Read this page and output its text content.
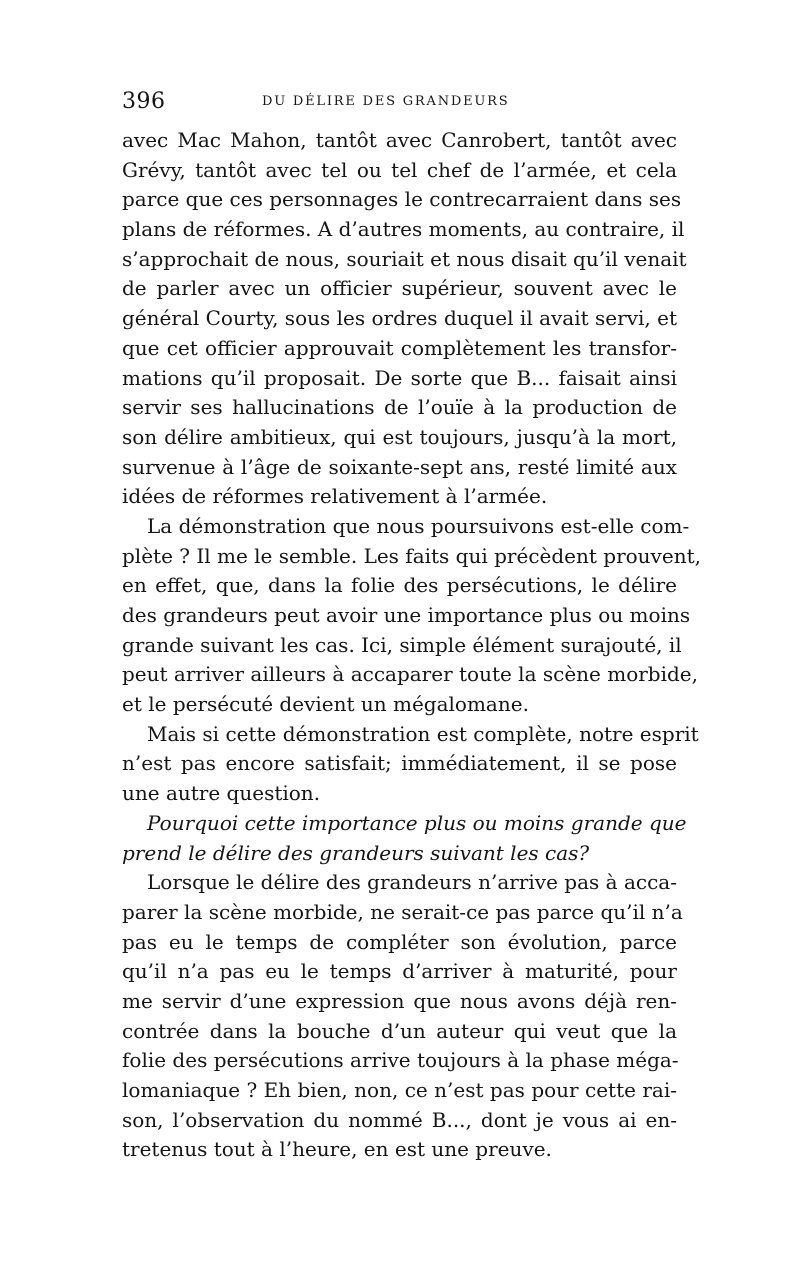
396	DU DÉLIRE DES GRANDEURS
avec Mac Mahon, tantôt avec Canrobert, tantôt avec
Grévy, tantôt avec tel ou tel chef de l’armée, et cela
parce que ces personnages le contrecarraient dans ses
plans de réformes. A d’autres moments, au contraire, il
s’approchait de nous, souriait et nous disait qu’il venait
de parler avec un officier supérieur, souvent avec le
général Courty, sous les ordres duquel il avait servi, et
que cet officier approuvait complètement les transfor-
mations qu’il proposait. De sorte que B... faisait ainsi
servir ses hallucinations de l’ouïe à la production de
son délire ambitieux, qui est toujours, jusqu’à la mort,
survenue à l’âge de soixante-sept ans, resté limité aux
idées de réformes relativement à l’armée.
La démonstration que nous poursuivons est-elle com-
plète ? Il me le semble. Les faits qui précèdent prouvent,
en effet, que, dans la folie des persécutions, le délire
des grandeurs peut avoir une importance plus ou moins
grande suivant les cas. Ici, simple élément surajouté, il
peut arriver ailleurs à accaparer toute la scène morbide,
et le persécuté devient un mégalomane.
Mais si cette démonstration est complète, notre esprit
n’est pas encore satisfait; immédiatement, il se pose
une autre question.
Pourquoi cette importance plus ou moins grande que
prend le délire des grandeurs suivant les cas?
Lorsque le délire des grandeurs n’arrive pas à acca-
parer la scène morbide, ne serait-ce pas parce qu’il n’a
pas eu le temps de compléter son évolution, parce
qu’il n’a pas eu le temps d’arriver à maturité, pour
me servir d’une expression que nous avons déjà ren-
contrée dans la bouche d’un auteur qui veut que la
folie des persécutions arrive toujours à la phase méga-
lomaniaque ? Eh bien, non, ce n’est pas pour cette rai-
son, l’observation du nommé B..., dont je vous ai en-
tretenus tout à l’heure, en est une preuve.
